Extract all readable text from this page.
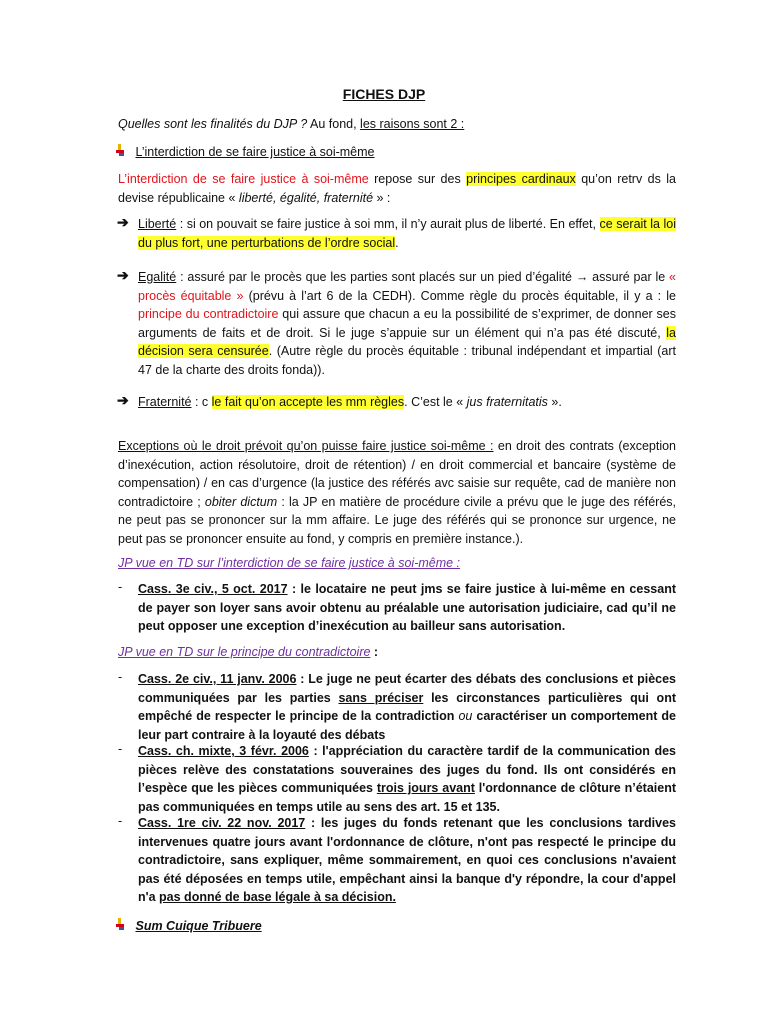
FICHES DJP
Quelles sont les finalités du DJP ? Au fond, les raisons sont 2 :
L’interdiction de se faire justice à soi-même
L’interdiction de se faire justice à soi-même repose sur des principes cardinaux qu’on retrv ds la devise républicaine « liberté, égalité, fraternité » :
➔ Liberté : si on pouvait se faire justice à soi mm, il n’y aurait plus de liberté. En effet, ce serait la loi du plus fort, une perturbations de l’ordre social.
➔ Egalité : assuré par le procès que les parties sont placés sur un pied d’égalité → assuré par le « procès équitable » (prévu à l’art 6 de la CEDH). Comme règle du procès équitable, il y a : le principe du contradictoire qui assure que chacun a eu la possibilité de s’exprimer, de donner ses arguments de faits et de droit. Si le juge s’appuie sur un élément qui n’a pas été discuté, la décision sera censurée. (Autre règle du procès équitable : tribunal indépendant et impartial (art 47 de la charte des droits fonda)).
➔ Fraternité : c le fait qu’on accepte les mm règles. C’est le « jus fraternitatis ».
Exceptions où le droit prévoit qu’on puisse faire justice soi-même : en droit des contrats (exception d’inexécution, action résolutoire, droit de rétention) / en droit commercial et bancaire (système de compensation) / en cas d’urgence (la justice des référés avc saisie sur requête, cad de manière non contradictoire ; obiter dictum : la JP en matière de procédure civile a prévu que le juge des référés, ne peut pas se prononcer sur la mm affaire. Le juge des référés qui se prononce sur urgence, ne peut pas se prononcer ensuite au fond, y compris en première instance.).
JP vue en TD sur l’interdiction de se faire justice à soi-même :
- Cass. 3e civ., 5 oct. 2017 : le locataire ne peut jms se faire justice à lui-même en cessant de payer son loyer sans avoir obtenu au préalable une autorisation judiciaire, cad qu’il ne peut opposer une exception d’inexécution au bailleur sans autorisation.
JP vue en TD sur le principe du contradictoire :
- Cass. 2e civ., 11 janv. 2006 : Le juge ne peut écarter des débats des conclusions et pièces communiquées par les parties sans préciser les circonstances particulières qui ont empêché de respecter le principe de la contradiction ou caractériser un comportement de leur part contraire à la loyauté des débats
- Cass. ch. mixte, 3 févr. 2006 : l'appréciation du caractère tardif de la communication des pièces relève des constatations souveraines des juges du fond. Ils ont considérés en l’espèce que les pièces communiquées trois jours avant l'ordonnance de clôture n’étaient pas communiquées en temps utile au sens des art. 15 et 135.
- Cass. 1re civ. 22 nov. 2017 : les juges du fonds retenant que les conclusions tardives intervenues quatre jours avant l'ordonnance de clôture, n'ont pas respecté le principe du contradictoire, sans expliquer, même sommairement, en quoi ces conclusions n'avaient pas été déposées en temps utile, empêchant ainsi la banque d'y répondre, la cour d'appel n'a pas donné de base légale à sa décision.
Sum Cuique Tribuere
